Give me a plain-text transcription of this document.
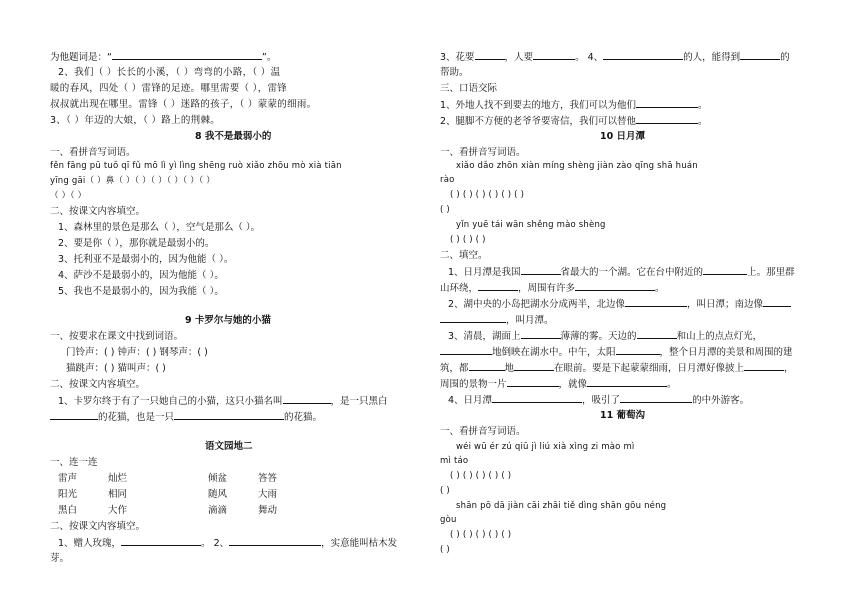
为他题词是：“	”。
2、我们（ ）长长的小溪，（ ）弯弯的小路，（ ）温
暖的春风，四处（ ）雷锋的足迹。哪里需要（ ），雷锋
叔叔就出现在哪里。雷锋（ ）迷路的孩子，（ ）蒙蒙的细雨。
3、（ ）年迈的大娘，（ ）路上的荆棘。
8 我不是最弱小的
一、看拼音写词语。
fěn fāng pū tuǒ qī fǔ mō lì yì lìng shēng ruò xiǎo zhōu mò xià tiān
yīng gāi（ ）鼻（ ）（ ）（ ）（ ）（ ）（ ）
（ ）（ ）
二、按课文内容填空。
1、森林里的景色是那么（ ），空气是那么（ ）。
2、要是你（ ），那你就是最弱小的。
3、托利亚不是最弱小的，因为他能（ ）。
4、萨沙不是最弱小的，因为他能（ ）。
5、我也不是最弱小的，因为我能（ ）。
9 卡罗尔与她的小猫
一、按要求在课文中找到词语。
门铃声：( ) 钟声：( ) 钢琴声：( )
猫跳声：( ) 猫叫声：( )
二、按课文内容填空。
1、卡罗尔终于有了一只她自己的小猫，这只小猫名叫	，是一只黑白
的花猫，也是一只	的花猫。
语文园地二
一、连一连
雷声	灿烂	倾盆	答答
阳光	相同	随风	大雨
黑白	大作	滴滴	舞动
二、按课文内容填空。
1、赠人玫瑰，	。 2、	，实意能叫枯木发
芽。
3、花要	，人要	。 4、	的人，能得到	的
帮助。
三、口语交际
1、外地人找不到要去的地方，我们可以为他们	。
2、腿脚不方便的老爷爷要寄信，我们可以替他	。
10 日月潭
一、看拼音写词语。
xiǎo dǎo zhōn xiàn míng shèng jiàn zào qīng shā huán
rào
( ) ( ) ( ) ( ) ( ) ( )
( )
yǐn yuē tái wān shěng mào shèng
( ) ( ) ( )
二、填空。
1、日月潭是我国	省最大的一个湖。它在台中附近的	上。那里群
山环绕，	，周围有许多	。
2、湖中央的小岛把湖水分成两半，北边像	，叫日潭；南边像
，叫月潭。
3、清晨，湖面上	薄薄的雾。天边的	和山上的点点灯光，
地倒映在湖水中。中午，太阳	，整个日月潭的美景和周围的建
筑，都	地	在眼前。要是下起蒙蒙细雨，日月潭好像披上	，
周围的景物一片	，就像	。
4、日月潭	，吸引了	的中外游客。
11 葡萄沟
一、看拼音写词语。
wéi wū ér zú qiū jì liú xià xìng zi mào mì
mì táo
( ) ( ) ( ) ( ) ( )
( )
shān pō dā jiàn cāi zhāi tiě dìng shān gōu néng
gòu
( ) ( ) ( ) ( ) ( )
( )
